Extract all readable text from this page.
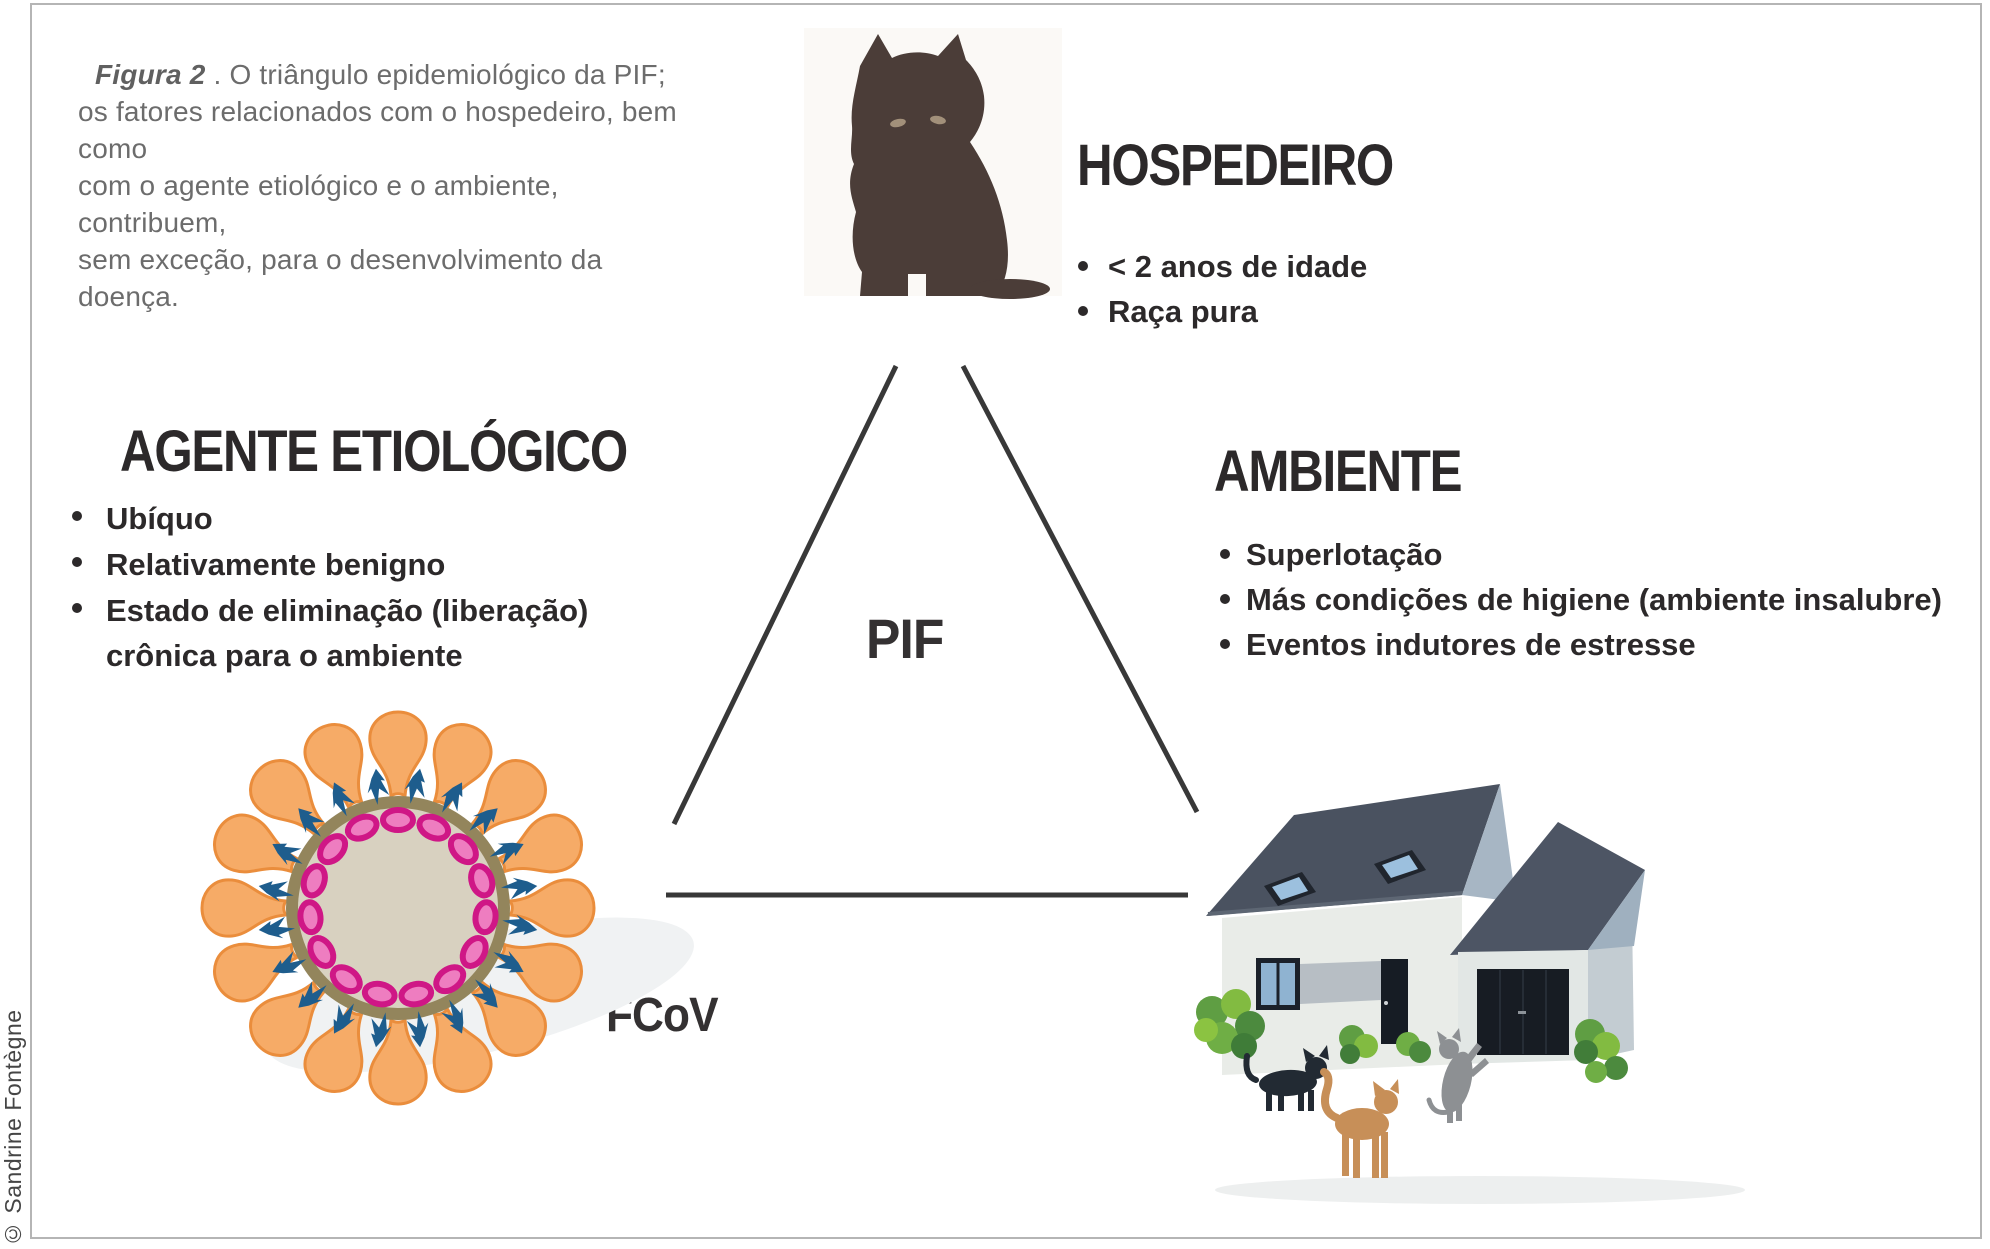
Figura 2 . O triângulo epidemiológico da PIF;
os fatores relacionados com o hospedeiro, bem como
com o agente etiológico e o ambiente, contribuem,
sem exceção, para o desenvolvimento da doença.
HOSPEDEIRO
< 2 anos de idade
Raça pura
AGENTE ETIOLÓGICO
Ubíquo
Relativamente benigno
Estado de eliminação (liberação) crônica para o ambiente
AMBIENTE
Superlotação
Más condições de higiene (ambiente insalubre)
Eventos indutores de estresse
PIF
FCoV
© Sandrine Fontègne
